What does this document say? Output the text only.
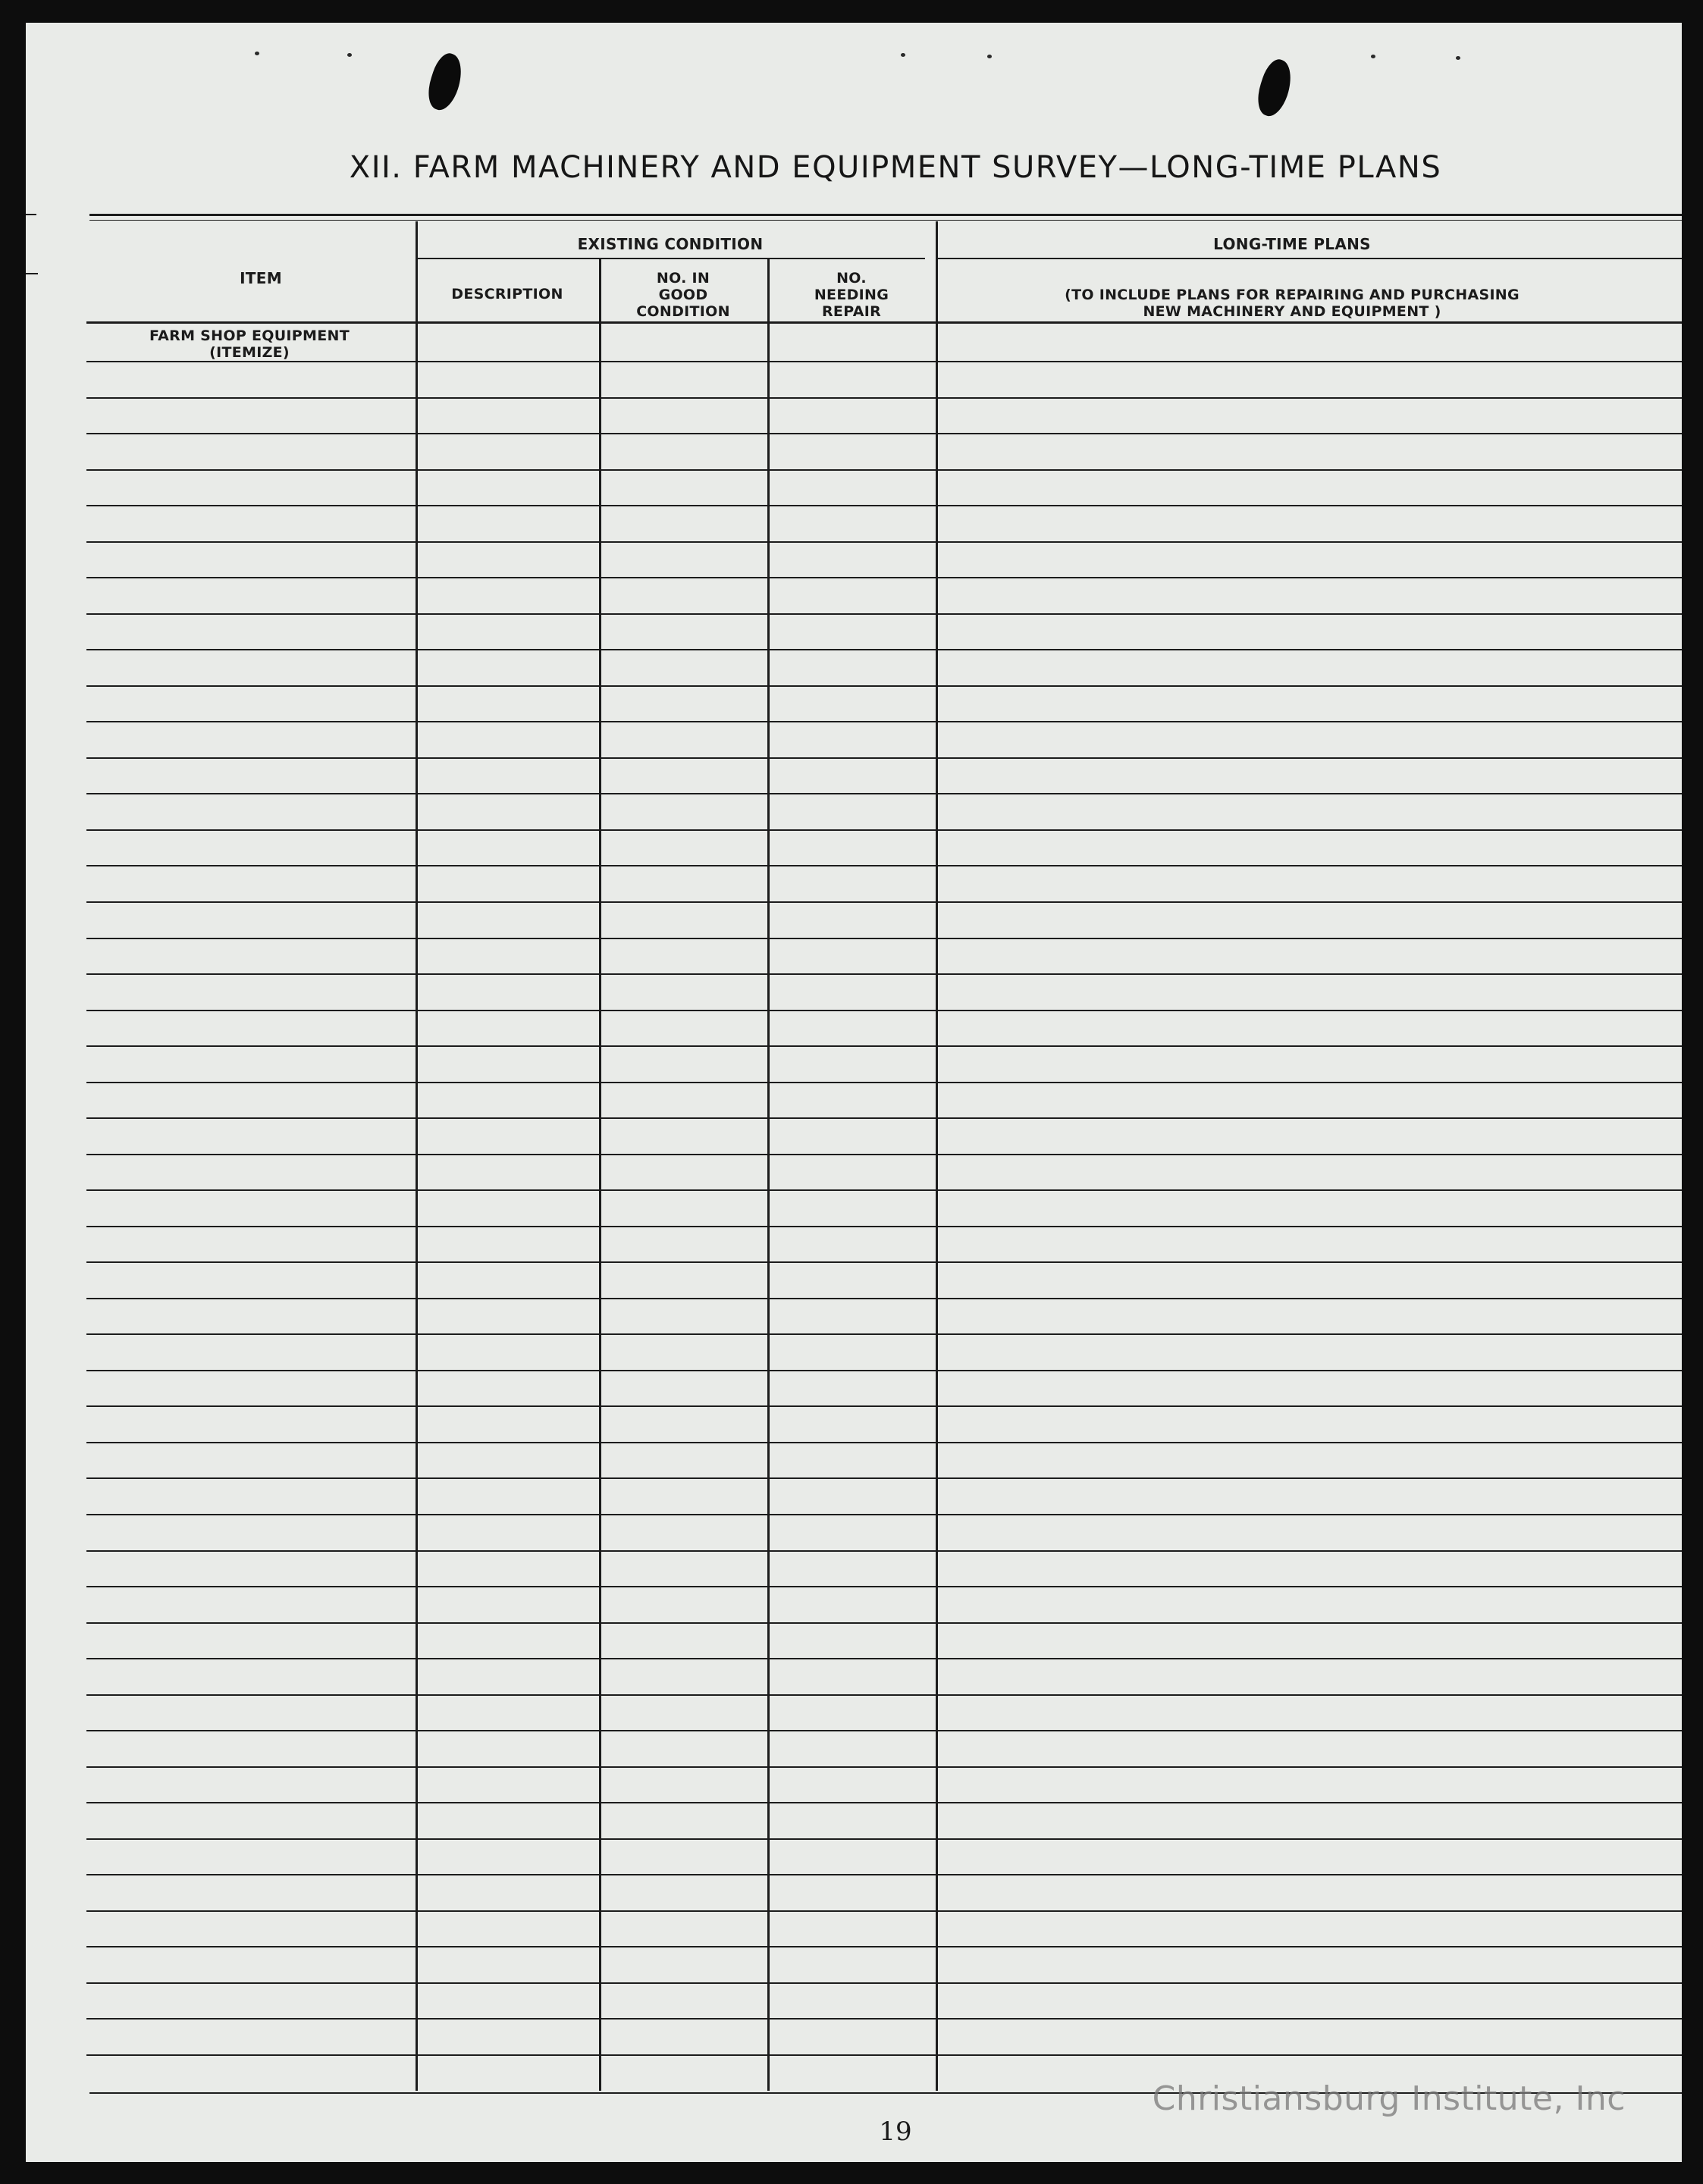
XII. FARM MACHINERY AND EQUIPMENT SURVEY—LONG-TIME PLANS
ITEM
EXISTING CONDITION
DESCRIPTION
NO. IN
GOOD
CONDITION
NO.
NEEDING
REPAIR
LONG-TIME PLANS
(TO INCLUDE PLANS FOR REPAIRING AND PURCHASING
NEW MACHINERY AND EQUIPMENT )
FARM SHOP EQUIPMENT
(ITEMIZE)
19
Christiansburg Institute, Inc
